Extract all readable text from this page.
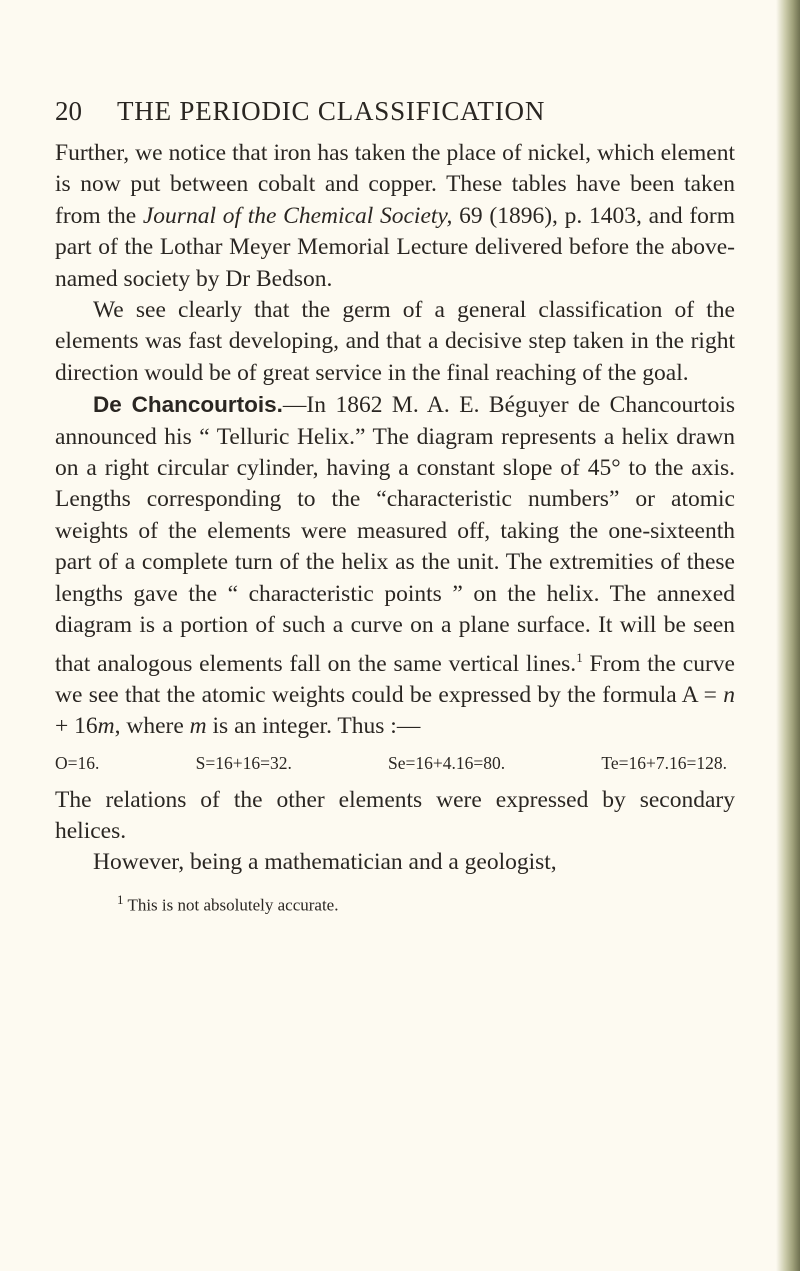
20 THE PERIODIC CLASSIFICATION

Further, we notice that iron has taken the place of nickel, which element is now put between cobalt and copper. These tables have been taken from the Journal of the Chemical Society, 69 (1896), p. 1403, and form part of the Lothar Meyer Memorial Lecture delivered before the above-named society by Dr Bedson.

We see clearly that the germ of a general classification of the elements was fast developing, and that a decisive step taken in the right direction would be of great service in the final reaching of the goal.

De Chancourtois.—In 1862 M. A. E. Béguyer de Chancourtois announced his “ Telluric Helix.” The diagram represents a helix drawn on a right circular cylinder, having a constant slope of 45° to the axis. Lengths corresponding to the “characteristic numbers” or atomic weights of the elements were measured off, taking the one-sixteenth part of a complete turn of the helix as the unit. The extremities of these lengths gave the “ characteristic points ” on the helix. The annexed diagram is a portion of such a curve on a plane surface. It will be seen that analogous elements fall on the same vertical lines.$^1$ From the curve we see that the atomic weights could be expressed by the formula A = n + 16m, where m is an integer. Thus :—

O=16.	S=16+16=32.	Se=16+4.16=80.	Te=16+7.16=128.

The relations of the other elements were expressed by secondary helices.

However, being a mathematician and a geologist,

$^1$ This is not absolutely accurate.
